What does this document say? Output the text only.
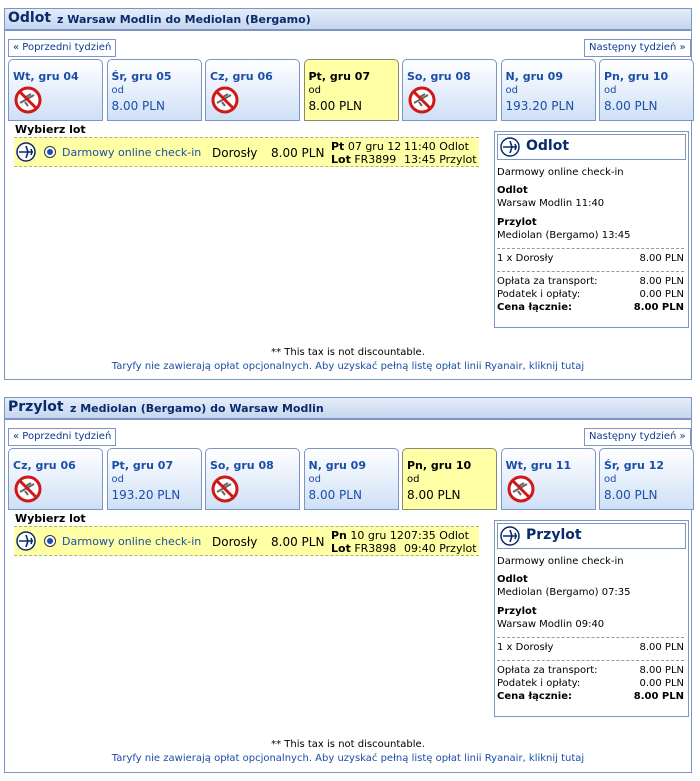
Odlot z Warsaw Modlin do Mediolan (Bergamo)
« Poprzedni tydzień	Następny tydzień »
Wt, gru 04	Śr, gru 05
od
8.00 PLN
Cz, gru 06	Pt, gru 07
od
8.00 PLN
So, gru 08	N, gru 09
od
193.20 PLN
Pn, gru 10
od
8.00 PLN
Wybierz lot
Darmowy online check-in Dorosły 8.00 PLN Pt 07 gru 12
Lot FR3899
11:40 Odlot
13:45 Przylot
Odlot
Darmowy online check-in
Odlot
Warsaw Modlin 11:40
Przylot
Mediolan (Bergamo) 13:45
1 x Dorosły	8.00 PLN
Opłata za transport:	8.00 PLN
Podatek i opłaty:	0.00 PLN
Cena łącznie:	8.00 PLN
** This tax is not discountable.
Taryfy nie zawierają opłat opcjonalnych. Aby uzyskać pełną listę opłat linii Ryanair, kliknij tutaj
Przylot z Mediolan (Bergamo) do Warsaw Modlin
« Poprzedni tydzień	Następny tydzień »
Cz, gru 06	Pt, gru 07
od
193.20 PLN
So, gru 08	N, gru 09
od
8.00 PLN
Pn, gru 10
od
8.00 PLN
Wt, gru 11	Śr, gru 12
od
8.00 PLN
Wybierz lot
Darmowy online check-in Dorosły 8.00 PLN Pn 10 gru 12
Lot FR3898
07:35 Odlot
09:40 Przylot
Przylot
Darmowy online check-in
Odlot
Mediolan (Bergamo) 07:35
Przylot
Warsaw Modlin 09:40
1 x Dorosły	8.00 PLN
Opłata za transport:	8.00 PLN
Podatek i opłaty:	0.00 PLN
Cena łącznie:	8.00 PLN
** This tax is not discountable.
Taryfy nie zawierają opłat opcjonalnych. Aby uzyskać pełną listę opłat linii Ryanair, kliknij tutaj
